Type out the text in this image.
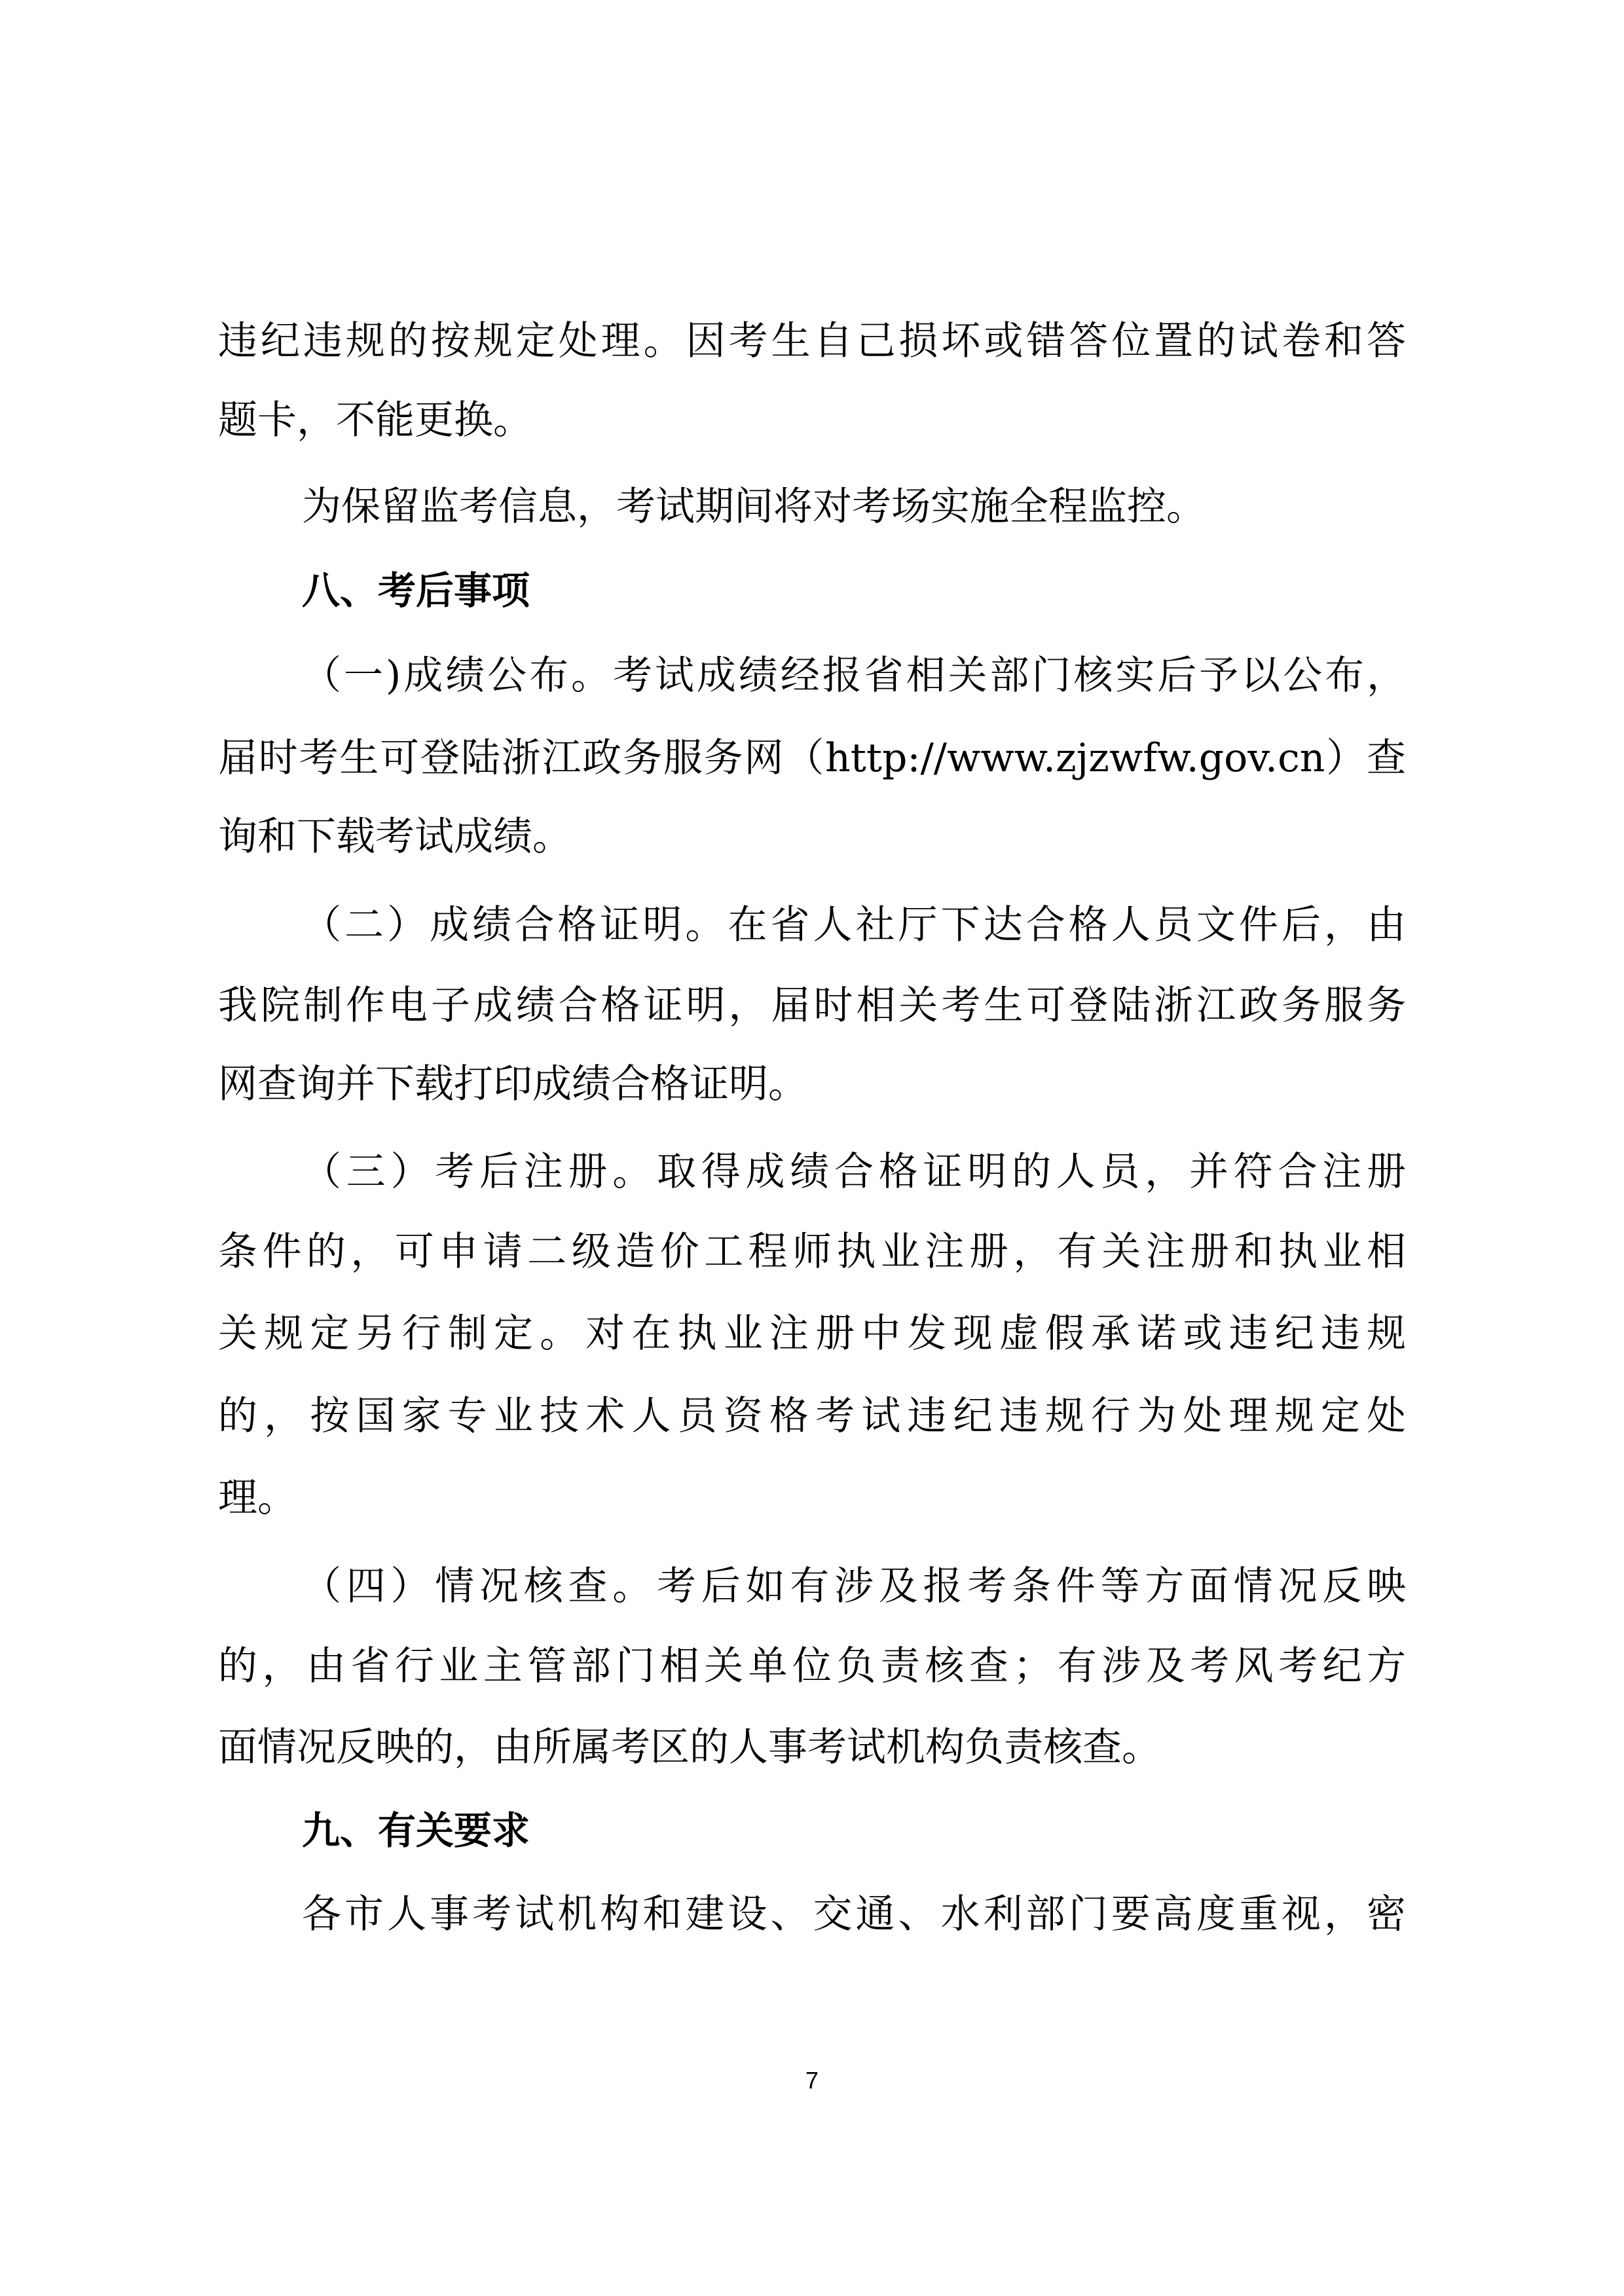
违纪违规的按规定处理。因考生自己损坏或错答位置的试卷和答
题卡，不能更换。
为保留监考信息，考试期间将对考场实施全程监控。
八、考后事项
（一)成绩公布。考试成绩经报省相关部门核实后予以公布，
届时考生可登陆浙江政务服务网（http://www.zjzwfw.gov.cn）查
询和下载考试成绩。
（二）成绩合格证明。在省人社厅下达合格人员文件后，由
我院制作电子成绩合格证明，届时相关考生可登陆浙江政务服务
网查询并下载打印成绩合格证明。
（三）考后注册。取得成绩合格证明的人员，并符合注册
条件的，可申请二级造价工程师执业注册，有关注册和执业相
关规定另行制定。对在执业注册中发现虚假承诺或违纪违规
的，按国家专业技术人员资格考试违纪违规行为处理规定处
理。
（四）情况核查。考后如有涉及报考条件等方面情况反映
的，由省行业主管部门相关单位负责核查；有涉及考风考纪方
面情况反映的，由所属考区的人事考试机构负责核查。
九、有关要求
各市人事考试机构和建设、交通、水利部门要高度重视，密
7
